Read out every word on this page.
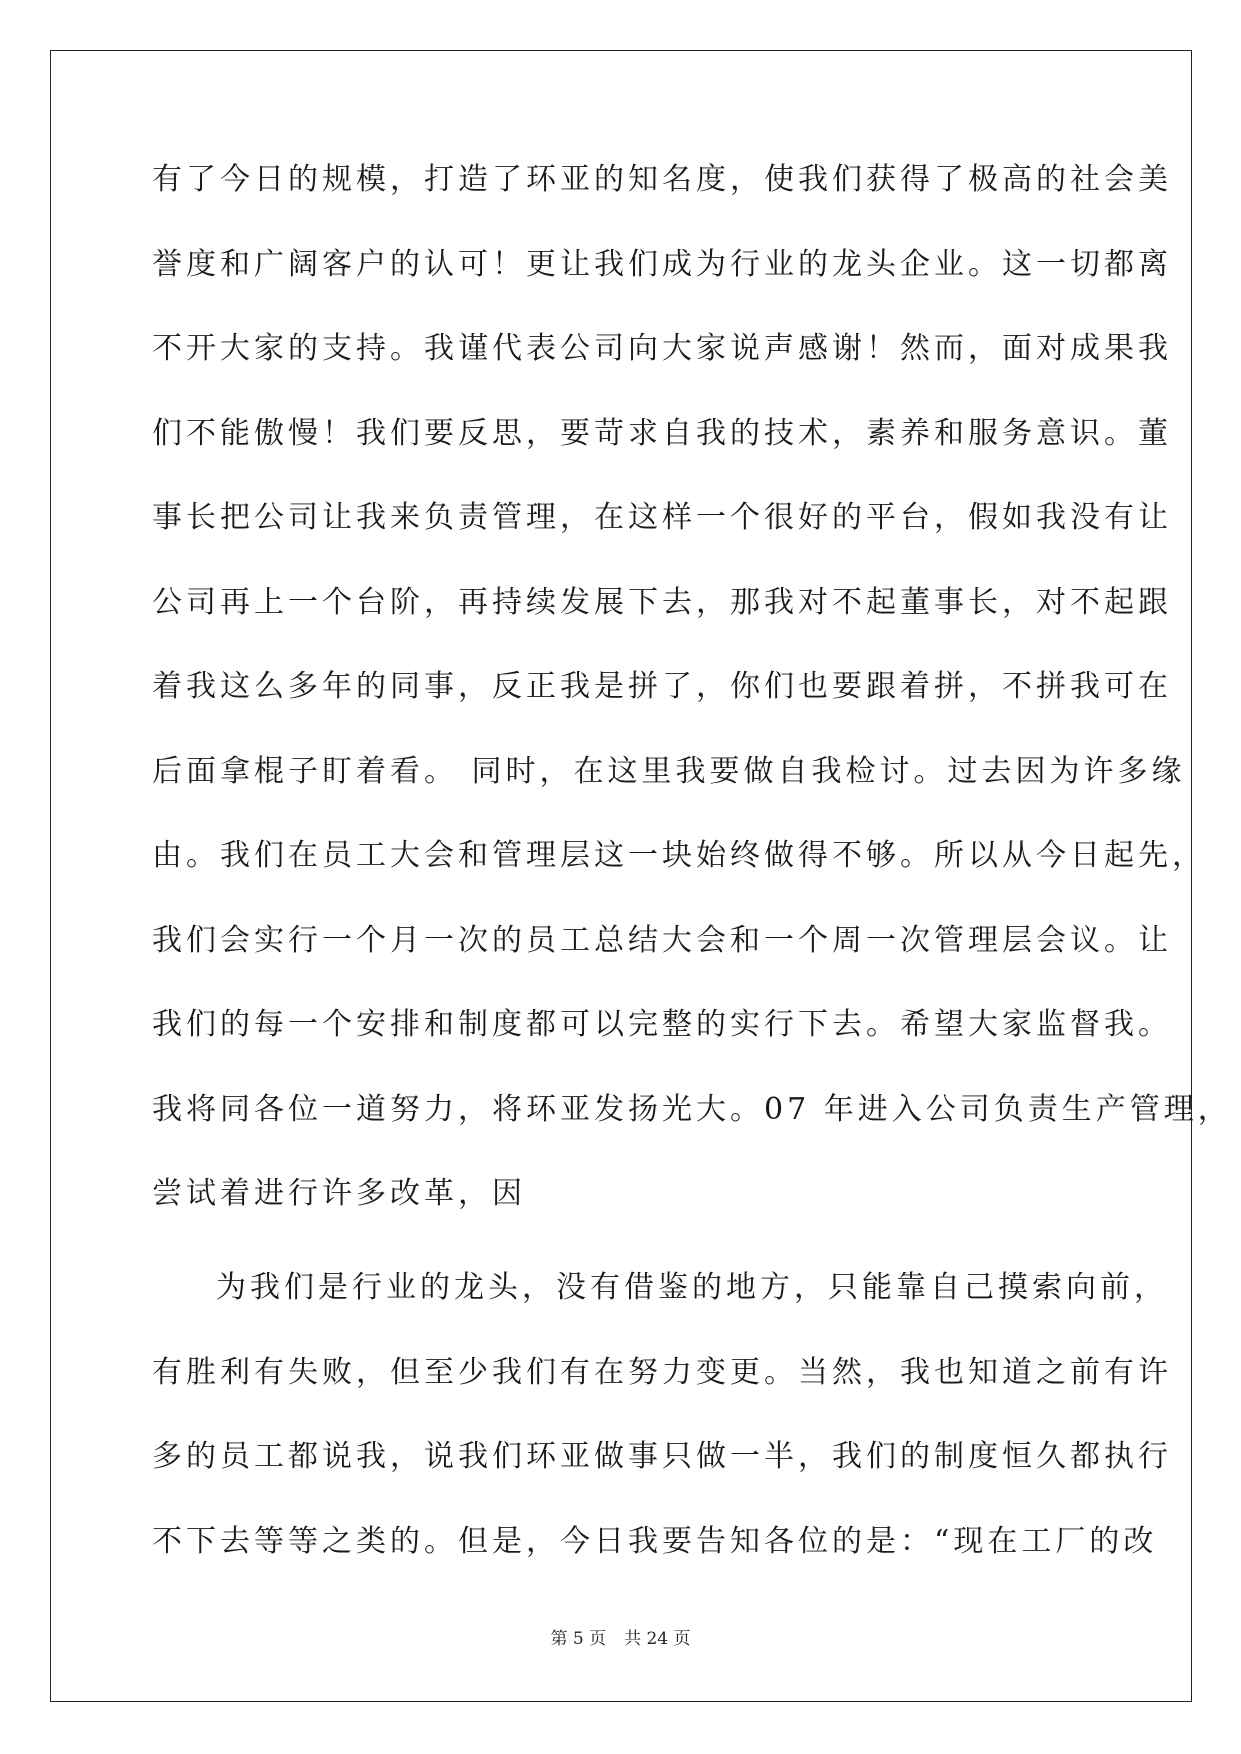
有了今日的规模，打造了环亚的知名度，使我们获得了极高的社会美
誉度和广阔客户的认可！更让我们成为行业的龙头企业。这一切都离
不开大家的支持。我谨代表公司向大家说声感谢！然而，面对成果我
们不能傲慢！我们要反思，要苛求自我的技术，素养和服务意识。董
事长把公司让我来负责管理，在这样一个很好的平台，假如我没有让
公司再上一个台阶，再持续发展下去，那我对不起董事长，对不起跟
着我这么多年的同事，反正我是拼了，你们也要跟着拼，不拼我可在
后面拿棍子盯着看。 同时，在这里我要做自我检讨。过去因为许多缘
由。我们在员工大会和管理层这一块始终做得不够。所以从今日起先，
我们会实行一个月一次的员工总结大会和一个周一次管理层会议。让
我们的每一个安排和制度都可以完整的实行下去。希望大家监督我。
我将同各位一道努力，将环亚发扬光大。07 年进入公司负责生产管理，
尝试着进行许多改革，因
为我们是行业的龙头，没有借鉴的地方，只能靠自己摸索向前，
有胜利有失败，但至少我们有在努力变更。当然，我也知道之前有许
多的员工都说我，说我们环亚做事只做一半，我们的制度恒久都执行
不下去等等之类的。但是，今日我要告知各位的是：“现在工厂的改
第 5 页 共 24 页
